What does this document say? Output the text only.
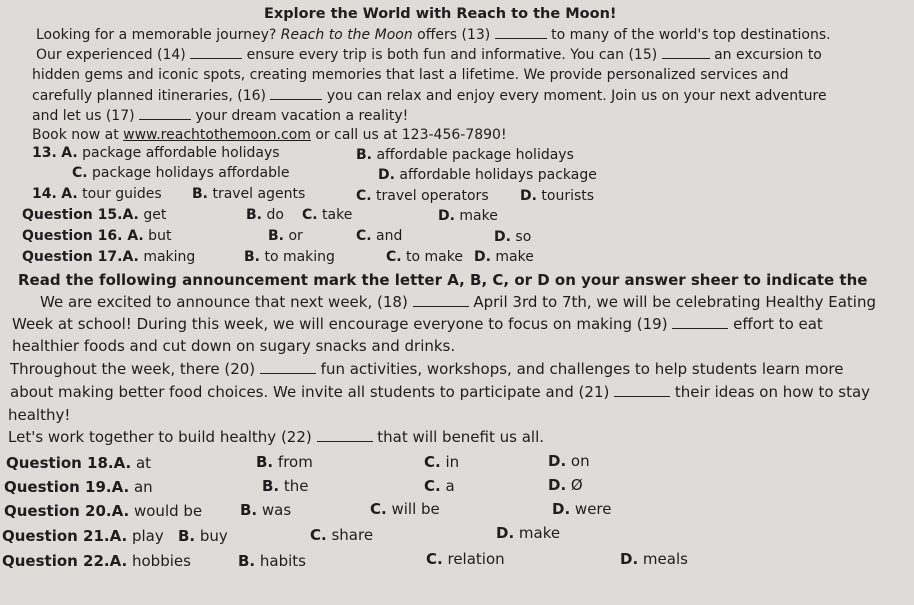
Explore the World with Reach to the Moon!
Looking for a memorable journey? Reach to the Moon offers (13)	to many of the world's top destinations.
Our experienced (14)	ensure every trip is both fun and informative. You can (15)	an excursion to
hidden gems and iconic spots, creating memories that last a lifetime. We provide personalized services and
carefully planned itineraries, (16)	you can relax and enjoy every moment. Join us on your next adventure
and let us (17)	your dream vacation a reality!
Book now at www.reachtothemoon.com or call us at 123-456-7890!
13. A. package affordable holidays	B. affordable package holidays
C. package holidays affordable	D. affordable holidays package
14. A. tour guides B. travel agents	C. travel operators D. tourists
Question 15.A. get	B. do C. take	D. make
Question 16. A. but	B. or	C. and	D. so
Question 17.A. making	B. to making	C. to make D. make
Read the following announcement mark the letter A, B, C, or D on your answer sheer to indicate the
We are excited to announce that next week, (18)	April 3rd to 7th, we will be celebrating Healthy Eating
Week at school! During this week, we will encourage everyone to focus on making (19)	effort to eat
healthier foods and cut down on sugary snacks and drinks.
Throughout the week, there (20)	fun activities, workshops, and challenges to help students learn more
about making better food choices. We invite all students to participate and (21)	their ideas on how to stay
healthy!
Let's work together to build healthy (22)	that will benefit us all.
Question 18.A. at	B. from	C. in	D. on
Question 19.A. an	B. the	C. a	D. Ø
Question 20.A. would be	B. was	C. will be	D. were
Question 21.A. play B. buy	C. share	D. make
Question 22.A. hobbies	B. habits	C. relation	D. meals
